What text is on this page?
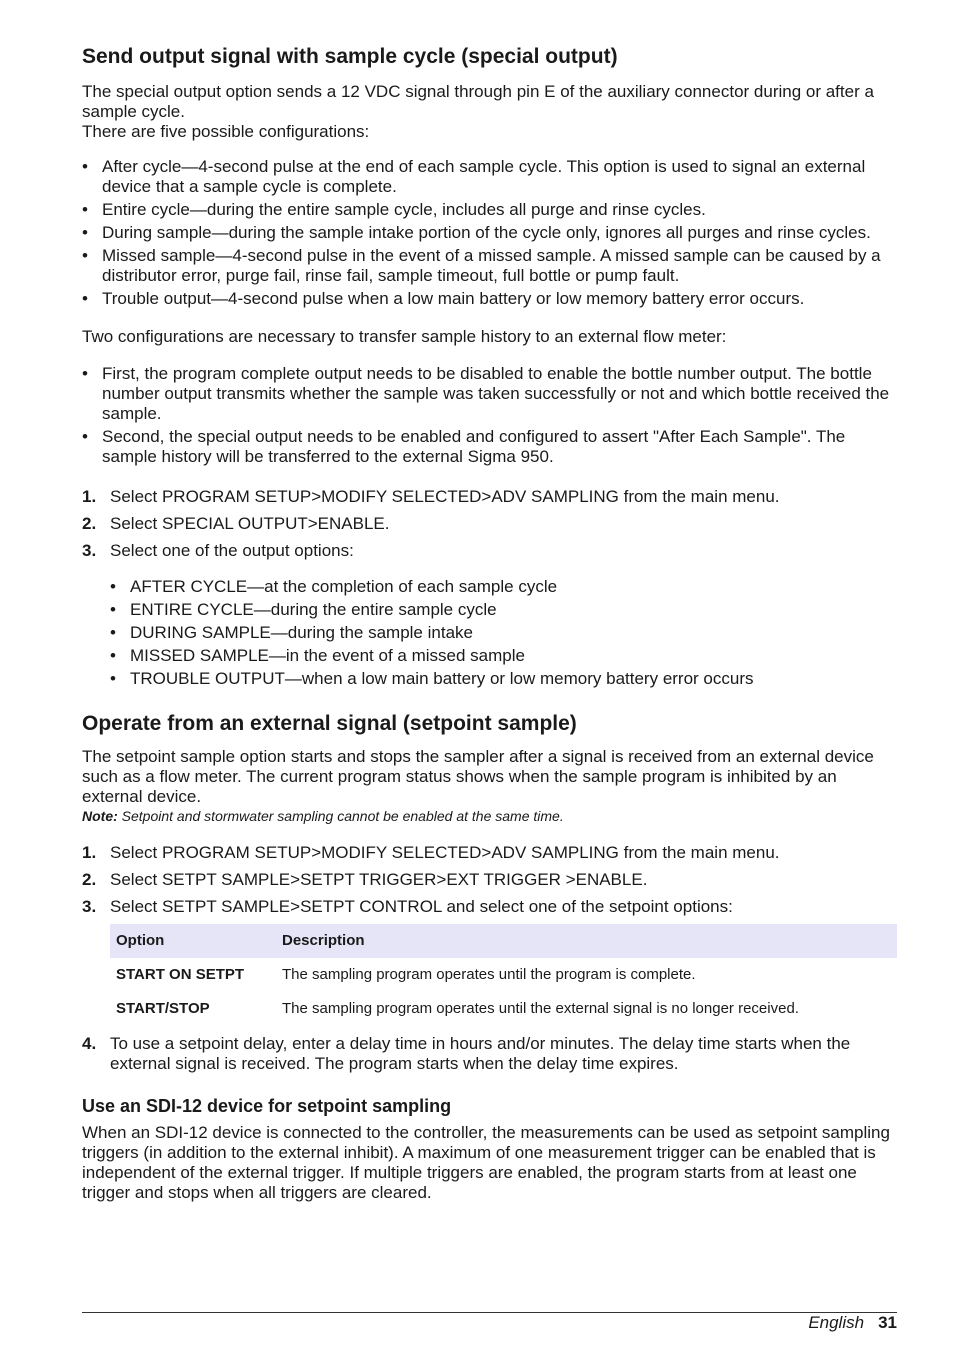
Send output signal with sample cycle (special output)

The special output option sends a 12 VDC signal through pin E of the auxiliary connector during or after a sample cycle.

There are five possible configurations:

• After cycle—4-second pulse at the end of each sample cycle. This option is used to signal an external device that a sample cycle is complete.
• Entire cycle—during the entire sample cycle, includes all purge and rinse cycles.
• During sample—during the sample intake portion of the cycle only, ignores all purges and rinse cycles.
• Missed sample—4-second pulse in the event of a missed sample. A missed sample can be caused by a distributor error, purge fail, rinse fail, sample timeout, full bottle or pump fault.
• Trouble output—4-second pulse when a low main battery or low memory battery error occurs.

Two configurations are necessary to transfer sample history to an external flow meter:

• First, the program complete output needs to be disabled to enable the bottle number output. The bottle number output transmits whether the sample was taken successfully or not and which bottle received the sample.
• Second, the special output needs to be enabled and configured to assert "After Each Sample". The sample history will be transferred to the external Sigma 950.
1. Select PROGRAM SETUP>MODIFY SELECTED>ADV SAMPLING from the main menu.
2. Select SPECIAL OUTPUT>ENABLE.
3. Select one of the output options:
• AFTER CYCLE—at the completion of each sample cycle
• ENTIRE CYCLE—during the entire sample cycle
• DURING SAMPLE—during the sample intake
• MISSED SAMPLE—in the event of a missed sample
• TROUBLE OUTPUT—when a low main battery or low memory battery error occurs
Operate from an external signal (setpoint sample)

The setpoint sample option starts and stops the sampler after a signal is received from an external device such as a flow meter. The current program status shows when the sample program is inhibited by an external device.

Note: Setpoint and stormwater sampling cannot be enabled at the same time.

1. Select PROGRAM SETUP>MODIFY SELECTED>ADV SAMPLING from the main menu.
2. Select SETPT SAMPLE>SETPT TRIGGER>EXT TRIGGER >ENABLE.
3. Select SETPT SAMPLE>SETPT CONTROL and select one of the setpoint options:
Option	Description
START ON SETPT	The sampling program operates until the program is complete.
START/STOP	The sampling program operates until the external signal is no longer received.
4. To use a setpoint delay, enter a delay time in hours and/or minutes. The delay time starts when the external signal is received. The program starts when the delay time expires.
Use an SDI-12 device for setpoint sampling

When an SDI-12 device is connected to the controller, the measurements can be used as setpoint sampling triggers (in addition to the external inhibit). A maximum of one measurement trigger can be enabled that is independent of the external trigger. If multiple triggers are enabled, the program starts from at least one trigger and stops when all triggers are cleared.

English 31
